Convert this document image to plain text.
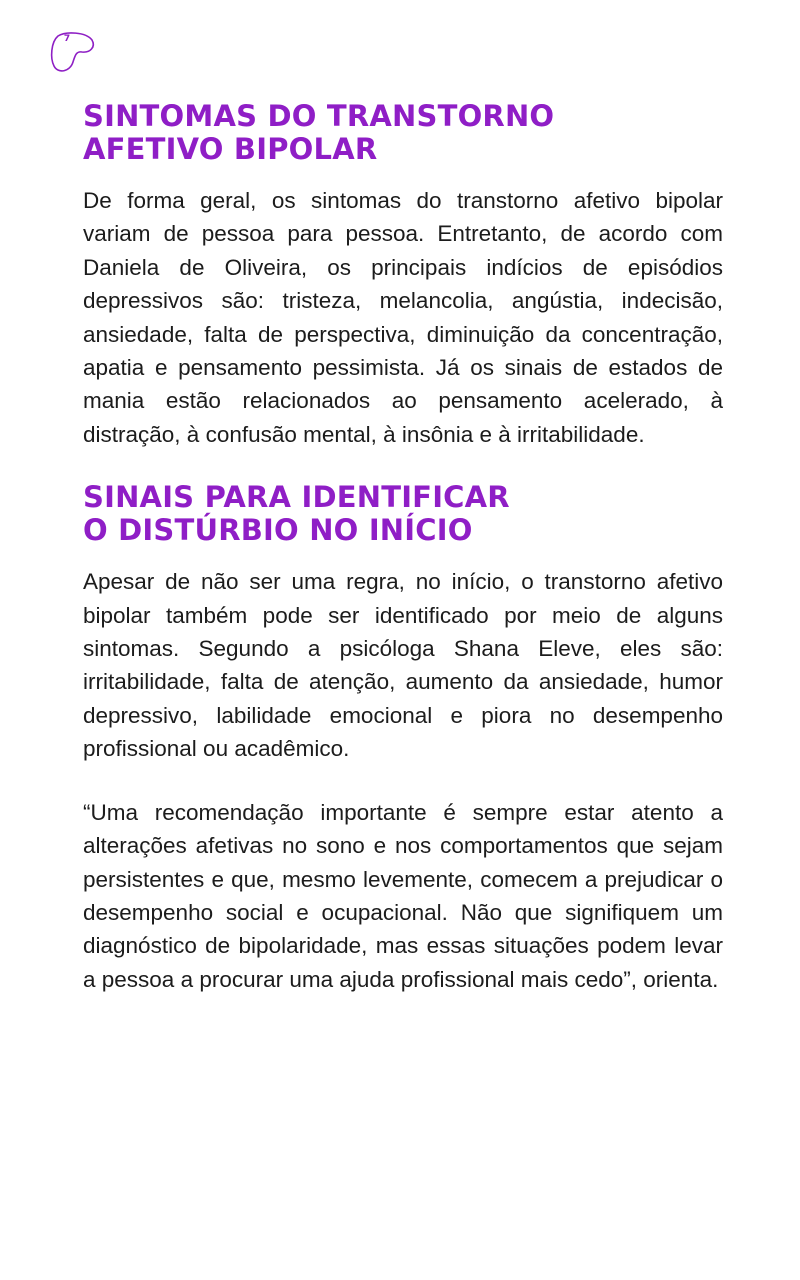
7
SINTOMAS DO TRANSTORNO
AFETIVO BIPOLAR

De forma geral, os sintomas do transtorno afetivo bipolar variam de pessoa para pessoa. Entretanto, de acordo com Daniela de Oliveira, os principais indícios de episódios depressivos são: tristeza, melancolia, angústia, indecisão, ansiedade, falta de perspectiva, diminuição da concentração, apatia e pensamento pessimista. Já os sinais de estados de mania estão relacionados ao pensamento acelerado, à distração, à confusão mental, à insônia e à irritabilidade.

SINAIS PARA IDENTIFICAR
O DISTÚRBIO NO INÍCIO

Apesar de não ser uma regra, no início, o transtorno afetivo bipolar também pode ser identificado por meio de alguns sintomas. Segundo a psicóloga Shana Eleve, eles são: irritabilidade, falta de atenção, aumento da ansiedade, humor depressivo, labilidade emocional e piora no desempenho profissional ou acadêmico.

“Uma recomendação importante é sempre estar atento a alterações afetivas no sono e nos comportamentos que sejam persistentes e que, mesmo levemente, comecem a prejudicar o desempenho social e ocupacional. Não que signifiquem um diagnóstico de bipolaridade, mas essas situações podem levar a pessoa a procurar uma ajuda profissional mais cedo”, orienta.
